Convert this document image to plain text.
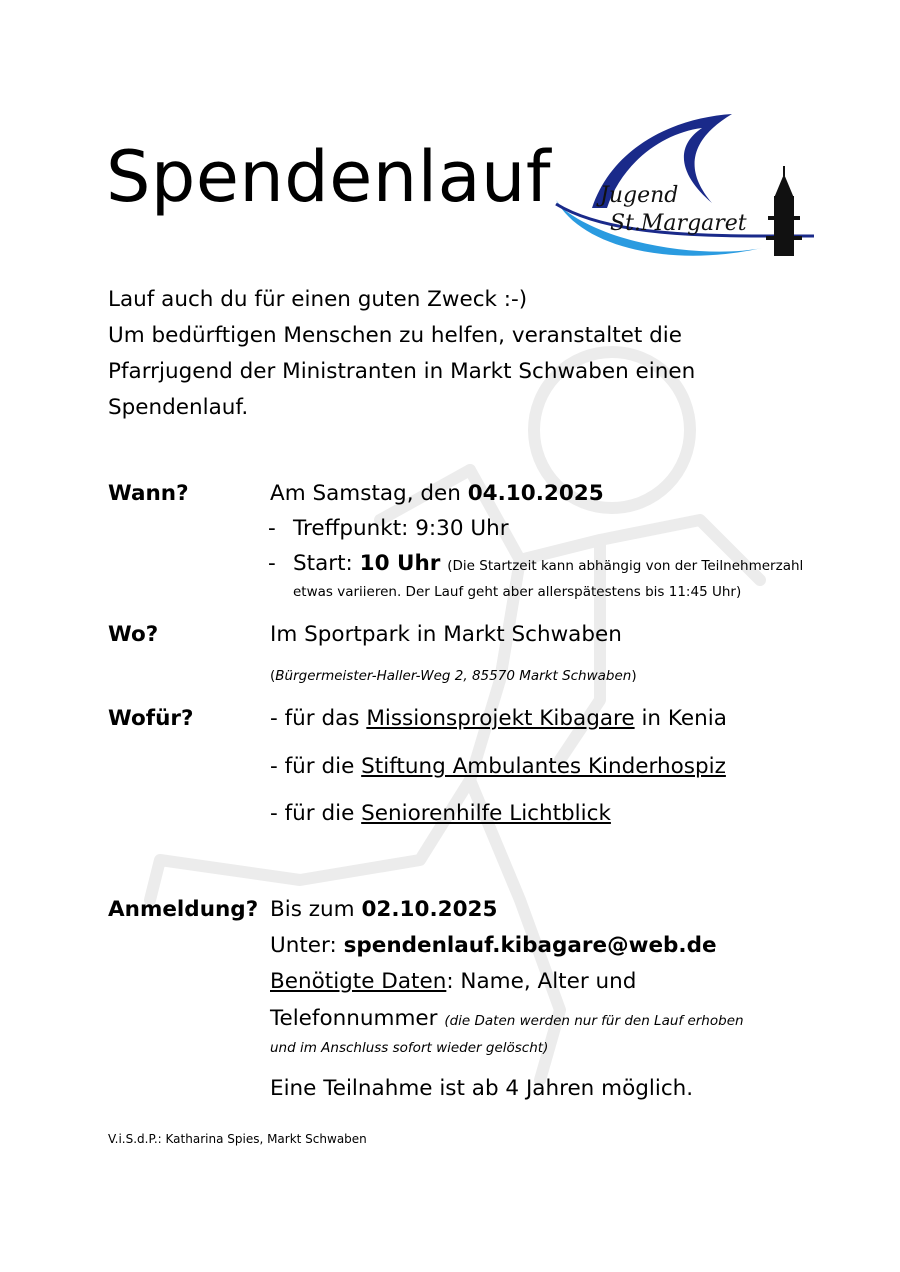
Spendenlauf Jugend
St.Margaret
Lauf auch du für einen guten Zweck :-)
Um bedürftigen Menschen zu helfen, veranstaltet die
Pfarrjugend der Ministranten in Markt Schwaben einen
Spendenlauf.
Wann?	Am Samstag, den 04.10.2025
- Treffpunkt: 9:30 Uhr
- Start: 10 Uhr (Die Startzeit kann abhängig von der Teilnehmerzahl
etwas variieren. Der Lauf geht aber allerspätestens bis 11:45 Uhr)
Wo?	Im Sportpark in Markt Schwaben
(Bürgermeister-Haller-Weg 2, 85570 Markt Schwaben)
Wofür?	- für das Missionsprojekt Kibagare in Kenia
- für die Stiftung Ambulantes Kinderhospiz
- für die Seniorenhilfe Lichtblick
Anmeldung? Bis zum 02.10.2025
Unter: spendenlauf.kibagare@web.de
Benötigte Daten: Name, Alter und
Telefonnummer (die Daten werden nur für den Lauf erhoben
und im Anschluss sofort wieder gelöscht)
Eine Teilnahme ist ab 4 Jahren möglich.
V.i.S.d.P.: Katharina Spies, Markt Schwaben
